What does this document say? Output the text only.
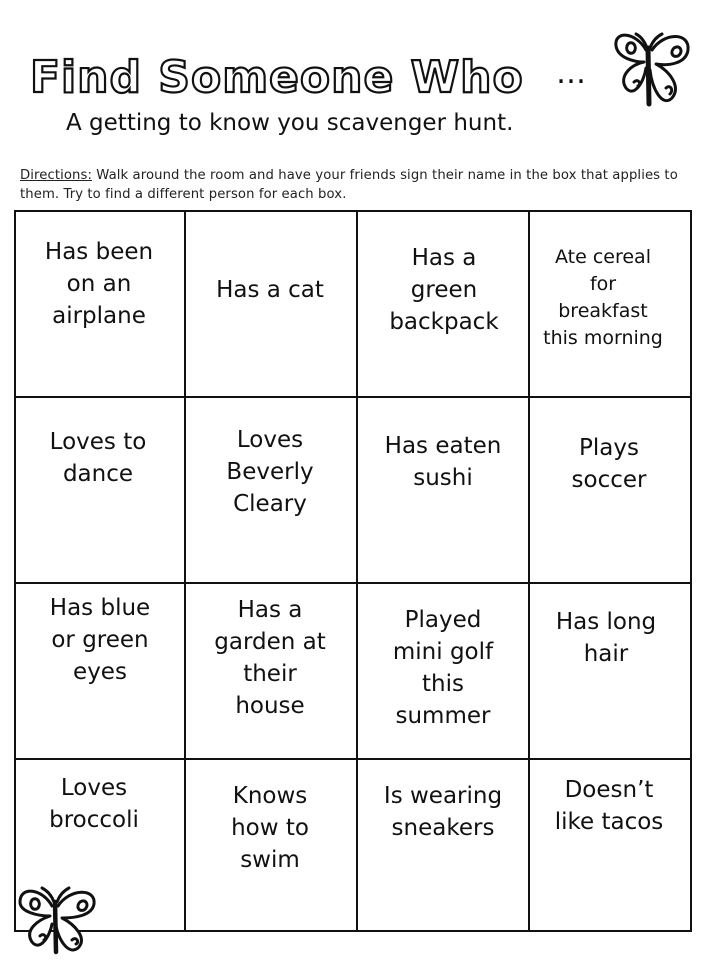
Find Someone Who …

A getting to know you scavenger hunt.

Directions: Walk around the room and have your friends sign their name in the box that applies to them. Try to find a different person for each box.

Has been
on an
airplane
Has a cat
Has a
green
backpack
Ate cereal
for
breakfast
this morning
Loves to
dance
Loves
Beverly
Cleary
Has eaten
sushi
Plays
soccer
Has blue
or green
eyes
Has a
garden at
their
house
Played
mini golf
this
summer
Has long
hair
Loves
broccoli
Knows
how to
swim
Is wearing
sneakers
Doesn’t
like tacos
